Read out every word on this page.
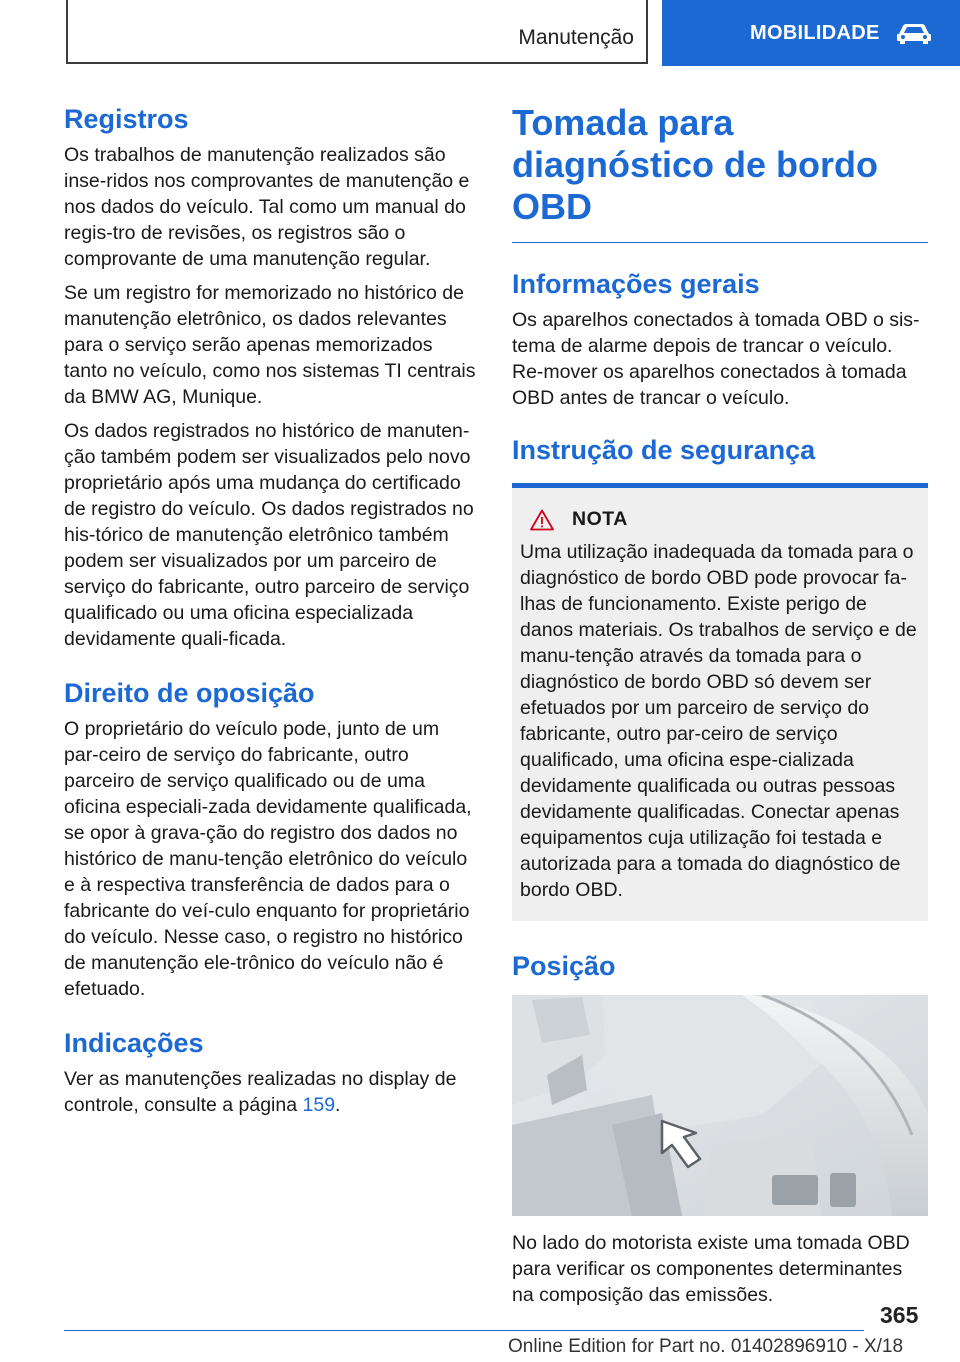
Manutenção	MOBILIDADE
Registros

Os trabalhos de manutenção realizados são inse-ridos nos comprovantes de manutenção e nos dados do veículo. Tal como um manual do regis-tro de revisões, os registros são o comprovante de uma manutenção regular.

Se um registro for memorizado no histórico de manutenção eletrônico, os dados relevantes para o serviço serão apenas memorizados tanto no veículo, como nos sistemas TI centrais da BMW AG, Munique.

Os dados registrados no histórico de manuten-ção também podem ser visualizados pelo novo proprietário após uma mudança do certificado de registro do veículo. Os dados registrados no his-tórico de manutenção eletrônico também podem ser visualizados por um parceiro de serviço do fabricante, outro parceiro de serviço qualificado ou uma oficina especializada devidamente quali-ficada.

Direito de oposição

O proprietário do veículo pode, junto de um par-ceiro de serviço do fabricante, outro parceiro de serviço qualificado ou de uma oficina especiali-zada devidamente qualificada, se opor à grava-ção do registro dos dados no histórico de manu-tenção eletrônico do veículo e à respectiva transferência de dados para o fabricante do veí-culo enquanto for proprietário do veículo. Nesse caso, o registro no histórico de manutenção ele-trônico do veículo não é efetuado.

Indicações

Ver as manutenções realizadas no display de controle, consulte a página 159.

Tomada para diagnóstico de bordo OBD
Informações gerais

Os aparelhos conectados à tomada OBD o sis-tema de alarme depois de trancar o veículo. Re-mover os aparelhos conectados à tomada OBD antes de trancar o veículo.

Instrução de segurança
NOTA

Uma utilização inadequada da tomada para o diagnóstico de bordo OBD pode provocar fa-lhas de funcionamento. Existe perigo de danos materiais. Os trabalhos de serviço e de manu-tenção através da tomada para o diagnóstico de bordo OBD só devem ser efetuados por um parceiro de serviço do fabricante, outro par-ceiro de serviço qualificado, uma oficina espe-cializada devidamente qualificada ou outras pessoas devidamente qualificadas. Conectar apenas equipamentos cuja utilização foi testada e autorizada para a tomada do diagnóstico de bordo OBD.

Posição

No lado do motorista existe uma tomada OBD para verificar os componentes determinantes na composição das emissões.

365
Online Edition for Part no. 01402896910 - X/18
